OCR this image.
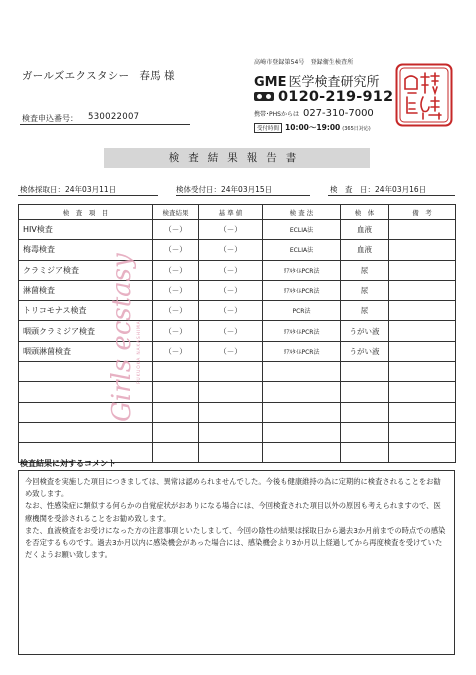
ガールズエクスタシー 春馬 様
検査申込番号： 530022007
高崎市登録第54号　登録衛生検査所
GME 医学検査研究所
0120-219-912
携帯･PHSからは 027-310-7000
受付時間 10:00～19:00 (365日対応)
検査結果報告書
検体採取日：24年03月11日	検体受付日：24年03月15日	検　査　日：24年03月16日
検　査　項　目	検査結果	基 準 値	検 査 法	検　体	備　考
HIV検査	（－）	（－）	ECLIA法	血液	
梅毒検査	（－）	（－）	ECLIA法	血液	
クラミジア検査	（－）	（－）	ﾘｱﾙﾀｲﾑPCR法	尿	
淋菌検査	（－）	（－）	ﾘｱﾙﾀｲﾑPCR法	尿	
トリコモナス検査	（－）	（－）	PCR法	尿	
咽頭クラミジア検査	（－）	（－）	ﾘｱﾙﾀｲﾑPCR法	うがい液	
咽頭淋菌検査	（－）	（－）	ﾘｱﾙﾀｲﾑPCR法	うがい液	

Girls ecstasy FUKUOKA NAKASHIMA
検査結果に対するコメント

今回検査を実施した項目につきましては、異常は認められませんでした。今後も健康維持の為に定期的に検査されることをお勧め致します。

なお、性感染症に類似する何らかの自覚症状がおありになる場合には、今回検査された項目以外の原因も考えられますので、医療機関を受診されることをお勧め致します。

また、血液検査をお受けになった方の注意事項といたしまして、今回の陰性の結果は採取日から過去3か月前までの時点での感染を否定するものです。過去3か月以内に感染機会があった場合には、感染機会より3か月以上経過してから再度検査を受けていただくようお願い致します。
